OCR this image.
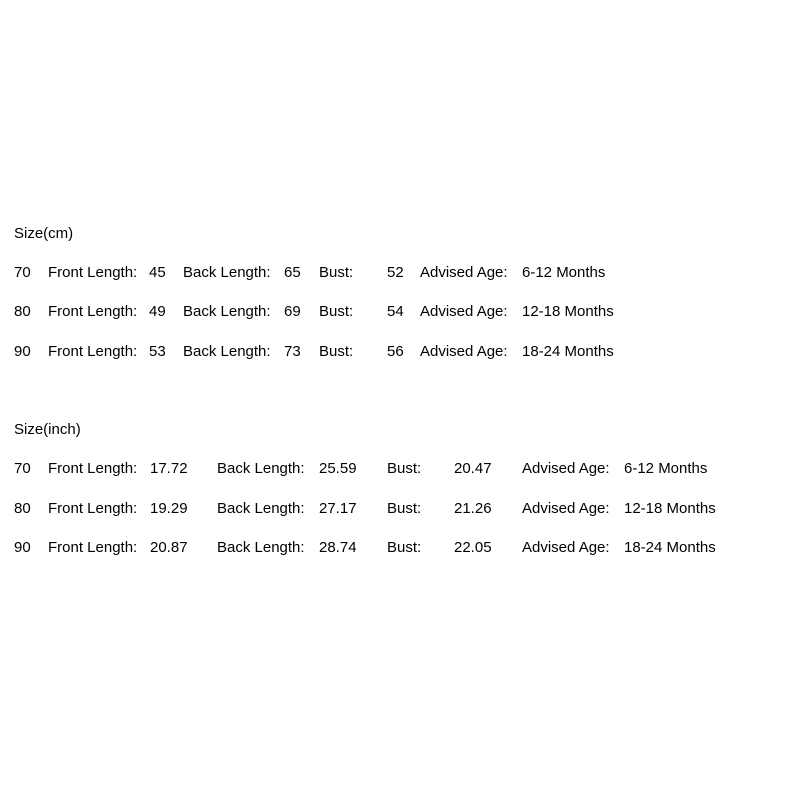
Size(cm)
70 Front Length: 45 Back Length: 65 Bust: 52 Advised Age: 6-12 Months
80 Front Length: 49 Back Length: 69 Bust: 54 Advised Age: 12-18 Months
90 Front Length: 53 Back Length: 73 Bust: 56 Advised Age: 18-24 Months
Size(inch)
70 Front Length: 17.72 Back Length: 25.59 Bust: 20.47 Advised Age: 6-12 Months
80 Front Length: 19.29 Back Length: 27.17 Bust: 21.26 Advised Age: 12-18 Months
90 Front Length: 20.87 Back Length: 28.74 Bust: 22.05 Advised Age: 18-24 Months
